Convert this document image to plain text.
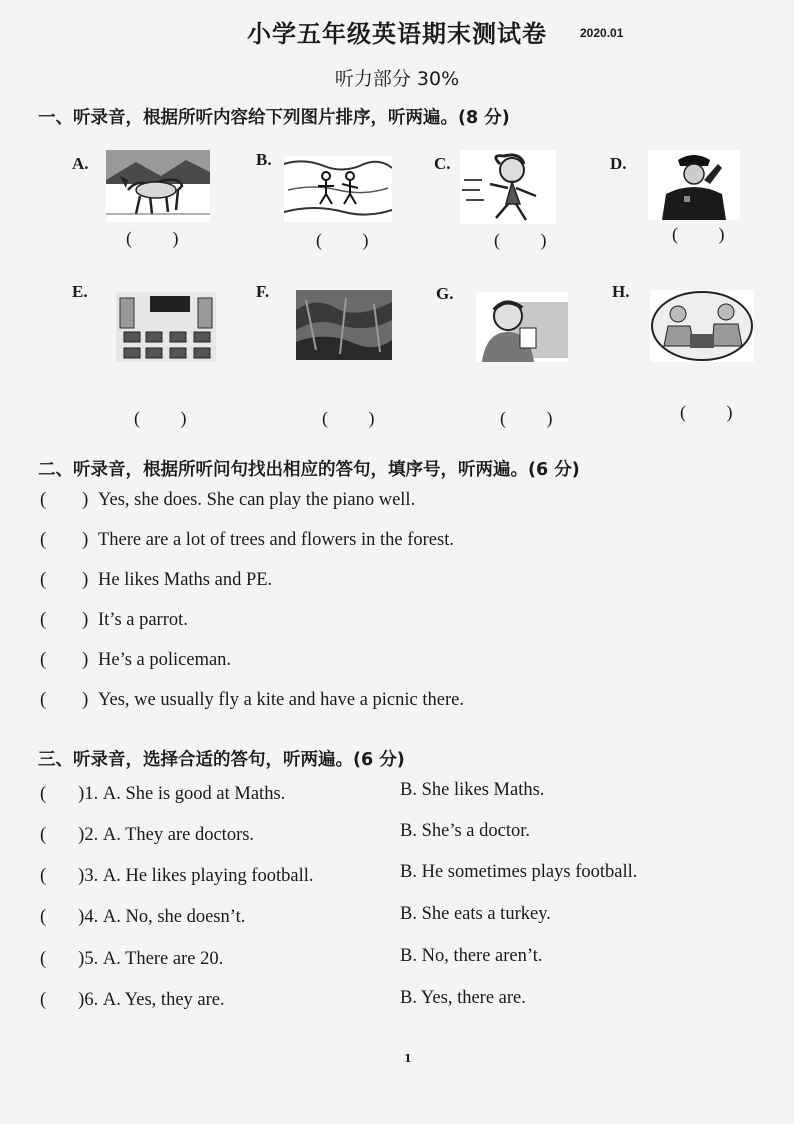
小学五年级英语期末测试卷	2020.01
听力部分 30%
一、听录音，根据所听内容给下列图片排序，听两遍。(8 分)
A.	B.	C.	D.
( )	( )	( )	( )
E.	F.	G.	H.
( )	( )	( )	( )
二、听录音，根据所听问句找出相应的答句，填序号，听两遍。(6 分)
( ) Yes, she does. She can play the piano well.
( ) There are a lot of trees and flowers in the forest.
( ) He likes Maths and PE.
( ) It’s a parrot.
( ) He’s a policeman.
( ) Yes, we usually fly a kite and have a picnic there.
三、听录音，选择合适的答句，听两遍。(6 分)
( )1. A. She is good at Maths.	B. She likes Maths.
( )2. A. They are doctors.	B. She’s a doctor.
( )3. A. He likes playing football.	B. He sometimes plays football.
( )4. A. No, she doesn’t.	B. She eats a turkey.
( )5. A. There are 20.	B. No, there aren’t.
( )6. A. Yes, they are.	B. Yes, there are.
1
